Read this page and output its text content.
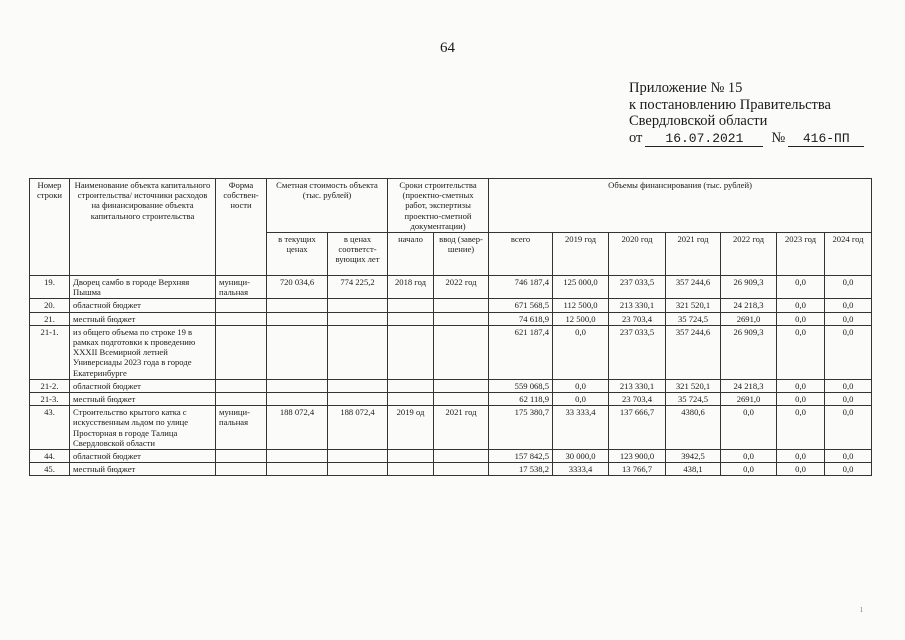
64
Приложение № 15
к постановлению Правительства
Свердловской области
от 16.07.2021 № 416-ПП
Номер строки	Наименование объекта капитального строительства/ источники расходов на финансирование объекта капитального строительства	Форма собствен-ности	Сметная стоимость объекта (тыс. рублей)		Сроки строительства (проектно-сметных работ, экспертизы проектно-сметной документации)		Объемы финансирования (тыс. рублей)						
			в текущих ценах	в ценах соответст-вующих лет	начало	ввод (завер-шение)	всего	2019 год	2020 год	2021 год	2022 год	2023 год	2024 год
19.	Дворец самбо в городе Верхняя Пышма	муници-пальная	720 034,6	774 225,2	2018 год	2022 год	746 187,4	125 000,0	237 033,5	357 244,6	26 909,3	0,0	0,0
20.	областной бюджет						671 568,5	112 500,0	213 330,1	321 520,1	24 218,3	0,0	0,0
21.	местный бюджет						74 618,9	12 500,0	23 703,4	35 724,5	2691,0	0,0	0,0
21-1.	из общего объема по строке 19 в рамках подготовки к проведению XXXII Всемирной летней Универсиады 2023 года в городе Екатеринбурге						621 187,4	0,0	237 033,5	357 244,6	26 909,3	0,0	0,0
21-2.	областной бюджет						559 068,5	0,0	213 330,1	321 520,1	24 218,3	0,0	0,0
21-3.	местный бюджет						62 118,9	0,0	23 703,4	35 724,5	2691,0	0,0	0,0
43.	Строительство крытого катка с искусственным льдом по улице Просторная в городе Талица Свердловской области	муници-пальная	188 072,4	188 072,4	2019 од	2021 год	175 380,7	33 333,4	137 666,7	4380,6	0,0	0,0	0,0
44.	областной бюджет						157 842,5	30 000,0	123 900,0	3942,5	0,0	0,0	0,0
45.	местный бюджет						17 538,2	3333,4	13 766,7	438,1	0,0	0,0	0,0
ı
